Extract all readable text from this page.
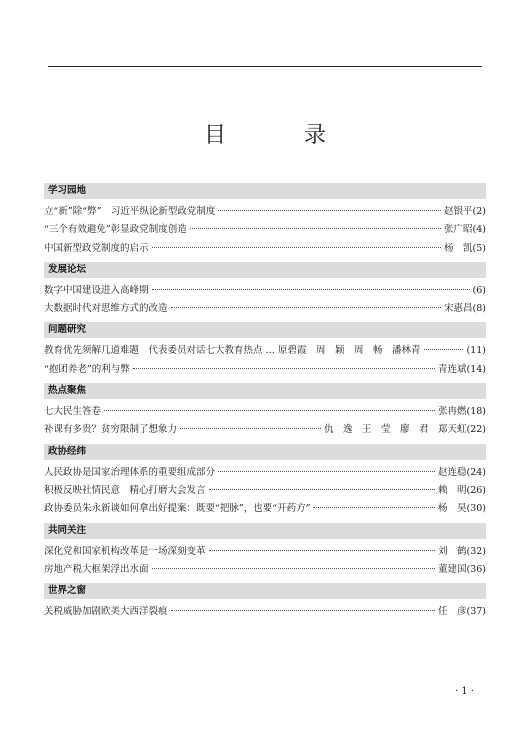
目　录
学习园地
立“新”除“弊”　习近平纵论新型政党制度	赵银平 (2)
“三个有效避免”彰显政党制度创造	张广昭 (4)
中国新型政党制度的启示	杨　凯 (5)
发展论坛
数字中国建设进入高峰期	(6)
大数据时代对思维方式的改造	宋惠昌 (8)
问题研究
教育优先须解几道难题　代表委员对话七大教育热点 … 原碧霞　周　颖　周　畅　潘林青	(11)
“抱团养老”的利与弊	青连斌 (14)
热点聚焦
七大民生答卷	张冉燃 (18)
补课有多贵？贫穷限制了想象力	仇　逸　王　莹　廖　君　郑天虹 (22)
政协经纬
人民政协是国家治理体系的重要组成部分	赵连稳 (24)
积极反映社情民意　精心打磨大会发言	赖　明 (26)
政协委员朱永新谈如何拿出好提案：既要“把脉”，也要“开药方”	杨　昊 (30)
共同关注
深化党和国家机构改革是一场深刻变革	刘　鹤 (32)
房地产税大框架浮出水面	董建国 (36)
世界之窗
关税威胁加剧欧美大西洋裂痕	任　彦 (37)
· 1 ·
